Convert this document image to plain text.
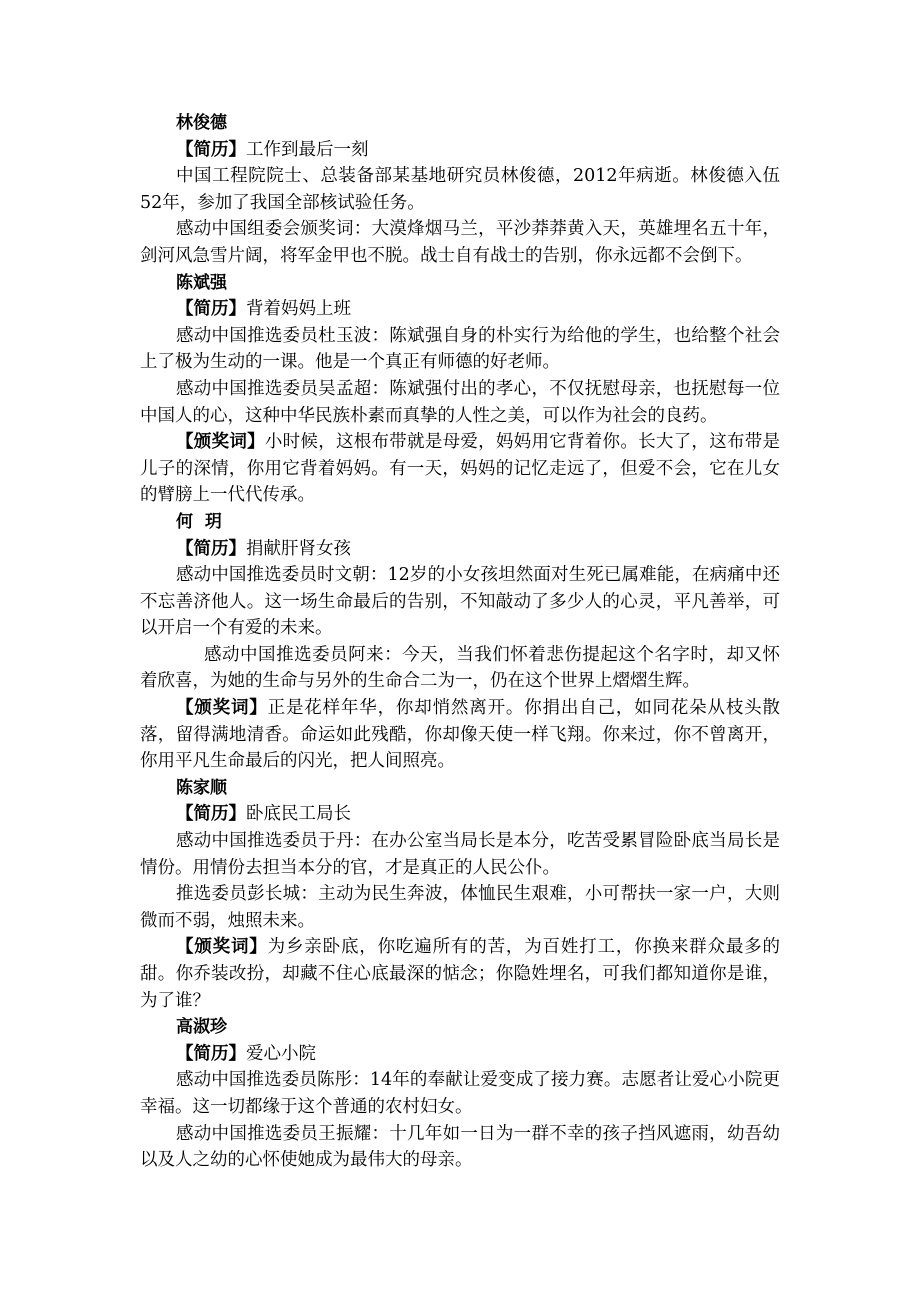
林俊德

【简历】工作到最后一刻

中国工程院院士、总装备部某基地研究员林俊德，2012年病逝。林俊德入伍52年，参加了我国全部核试验任务。

感动中国组委会颁奖词：大漠烽烟马兰，平沙莽莽黄入天，英雄埋名五十年，剑河风急雪片阔，将军金甲也不脱。战士自有战士的告别，你永远都不会倒下。

陈斌强

【简历】背着妈妈上班

感动中国推选委员杜玉波：陈斌强自身的朴实行为给他的学生，也给整个社会上了极为生动的一课。他是一个真正有师德的好老师。

感动中国推选委员吴孟超：陈斌强付出的孝心，不仅抚慰母亲，也抚慰每一位中国人的心，这种中华民族朴素而真挚的人性之美，可以作为社会的良药。

【颁奖词】小时候，这根布带就是母爱，妈妈用它背着你。长大了，这布带是儿子的深情，你用它背着妈妈。有一天，妈妈的记忆走远了，但爱不会，它在儿女的臂膀上一代代传承。

何  玥

【简历】捐献肝肾女孩

感动中国推选委员时文朝：12岁的小女孩坦然面对生死已属难能，在病痛中还不忘善济他人。这一场生命最后的告别，不知敲动了多少人的心灵，平凡善举，可以开启一个有爱的未来。

感动中国推选委员阿来：今天，当我们怀着悲伤提起这个名字时，却又怀着欣喜，为她的生命与另外的生命合二为一，仍在这个世界上熠熠生辉。

【颁奖词】正是花样年华，你却悄然离开。你捐出自己，如同花朵从枝头散落，留得满地清香。命运如此残酷，你却像天使一样飞翔。你来过，你不曾离开，你用平凡生命最后的闪光，把人间照亮。

陈家顺

【简历】卧底民工局长

感动中国推选委员于丹：在办公室当局长是本分，吃苦受累冒险卧底当局长是情份。用情份去担当本分的官，才是真正的人民公仆。

推选委员彭长城：主动为民生奔波，体恤民生艰难，小可帮扶一家一户，大则微而不弱，烛照未来。

【颁奖词】为乡亲卧底，你吃遍所有的苦，为百姓打工，你换来群众最多的甜。你乔装改扮，却藏不住心底最深的惦念；你隐姓埋名，可我们都知道你是谁，为了谁？

高淑珍

【简历】爱心小院

感动中国推选委员陈彤：14年的奉献让爱变成了接力赛。志愿者让爱心小院更幸福。这一切都缘于这个普通的农村妇女。

感动中国推选委员王振耀：十几年如一日为一群不幸的孩子挡风遮雨，幼吾幼以及人之幼的心怀使她成为最伟大的母亲。
